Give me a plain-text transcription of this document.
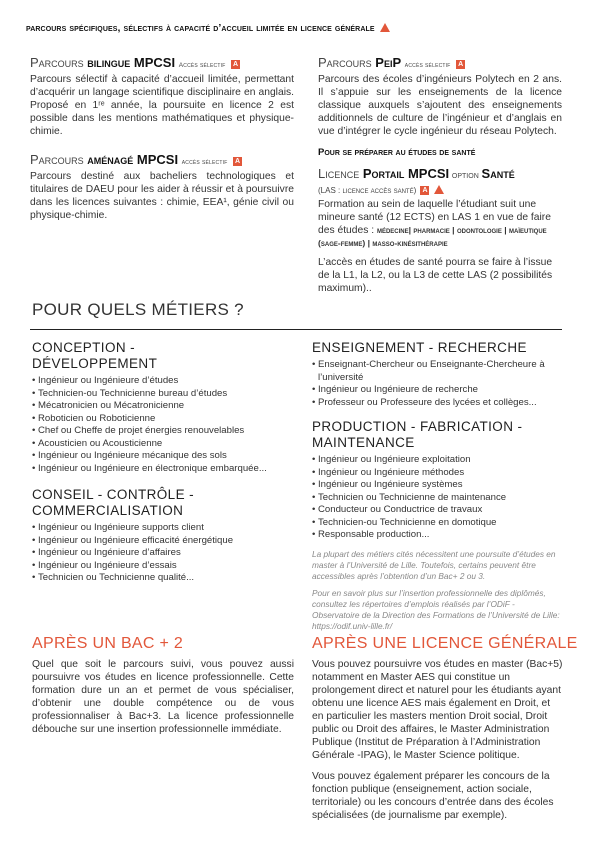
parcours spécifiques, sélectifs à capacité d’accueil limitée en licence générale
Parcours bilingue MPCSI Accès sélectif A
Parcours sélectif à capacité d’accueil limitée, permettant d’acquérir un langage scientifique disciplinaire en anglais. Proposé en 1ʳᵉ année, la poursuite en licence 2 est possible dans les mentions mathématiques et physique-chimie.
Parcours aménagé MPCSI accès sélectif A
Parcours destiné aux bacheliers technologiques et titulaires de DAEU pour les aider à réussir et à poursuivre dans les licences suivantes : chimie, EEA¹, génie civil ou physique-chimie.
Parcours PeiP accès sélectif A
Parcours des écoles d’ingénieurs Polytech en 2 ans. Il s’appuie sur les enseignements de la licence classique auxquels s’ajoutent des enseignements additionnels de culture de l’ingénieur et d’anglais en vue d’intégrer le cycle ingénieur du réseau Polytech.
Pour se préparer au études de santé
Licence Portail MPCSI option Santé
(LAS : licence accès santé) A
Formation au sein de laquelle l’étudiant suit une mineure santé (12 ECTS) en LAS 1 en vue de faire des études : médecine| pharmacie | odontologie | maïeutique (sage-femme) | masso-kinésithérapie
L’accès en études de santé pourra se faire à l’issue de la L1, la L2, ou la L3 de cette LAS (2 possibilités maximum)..
POUR QUELS MÉTIERS ?
CONCEPTION - DÉVELOPPEMENT
• Ingénieur ou Ingénieure d’études
• Technicien-ou Technicienne bureau d’études
• Mécatronicien ou Mécatronicienne
• Roboticien ou Roboticienne
• Chef ou Cheffe de projet énergies renouvelables
• Acousticien ou Acousticienne
• Ingénieur ou Ingénieure mécanique des sols
• Ingénieur ou Ingénieure en électronique embarquée...
CONSEIL - CONTRÔLE - COMMERCIALISATION
• Ingénieur ou Ingénieure supports client
• Ingénieur ou Ingénieure efficacité énergétique
• Ingénieur ou Ingénieure d’affaires
• Ingénieur ou Ingénieure d’essais
• Technicien ou Technicienne qualité...
ENSEIGNEMENT - RECHERCHE
• Enseignant-Chercheur ou Enseignante-Chercheure à l’université
• Ingénieur ou Ingénieure de recherche
• Professeur ou Professeure des lycées et collèges...
PRODUCTION - FABRICATION - MAINTENANCE
• Ingénieur ou Ingénieure exploitation
• Ingénieur ou Ingénieure méthodes
• Ingénieur ou Ingénieure systèmes
• Technicien ou Technicienne de maintenance
• Conducteur ou Conductrice de travaux
• Technicien-ou Technicienne en domotique
• Responsable production...
La plupart des métiers cités nécessitent une poursuite d’études en master à l’Université de Lille. Toutefois, certains peuvent être accessibles après l’obtention d’un Bac+ 2 ou 3.
Pour en savoir plus sur l’insertion professionnelle des diplômés, consultez les répertoires d’emplois réalisés par l’ODiF - Observatoire de la Direction des Formations de l’Université de Lille: https://odif.univ-lille.fr/
APRÈS UN BAC + 2
Quel que soit le parcours suivi, vous pouvez aussi poursuivre vos études en licence professionnelle. Cette formation dure un an et permet de vous spécialiser, d’obtenir une double compétence ou de vous professionnaliser à Bac+3. La licence professionnelle débouche sur une insertion professionnelle immédiate.
APRÈS UNE LICENCE GÉNÉRALE
Vous pouvez poursuivre vos études en master (Bac+5) notamment en Master AES qui constitue un prolongement direct et naturel pour les étudiants ayant obtenu une licence AES mais également en Droit, et en particulier les masters mention Droit social, Droit public ou Droit des affaires, le Master Administration Publique (Institut de Préparation à l’Administration Générale -IPAG), le Master Science politique.
Vous pouvez également préparer les concours de la fonction publique (enseignement, action sociale, territoriale) ou les concours d’entrée dans des écoles spécialisées (de journalisme par exemple).
